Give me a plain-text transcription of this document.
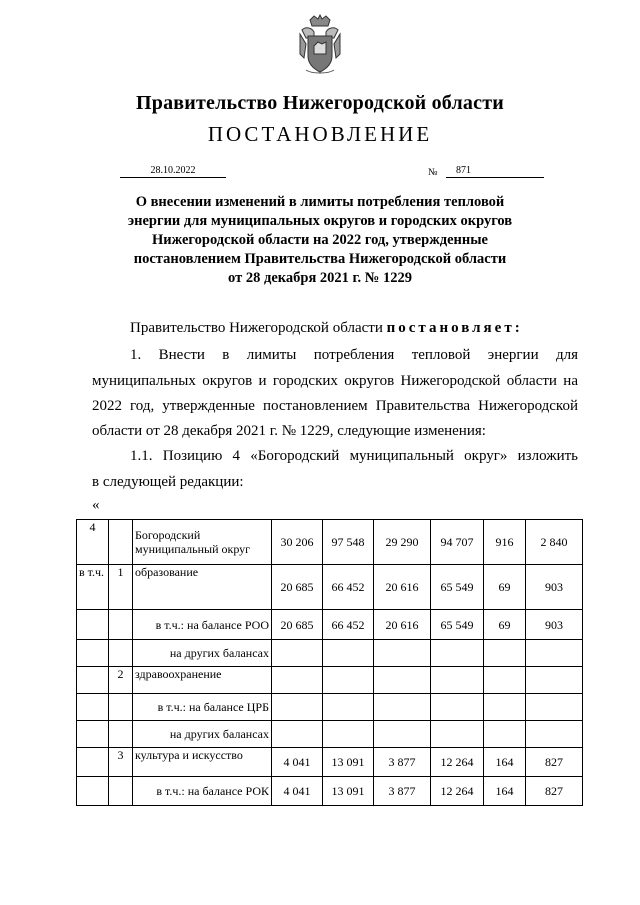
Правительство Нижегородской области
ПОСТАНОВЛЕНИЕ
28.10.2022	№	871
О внесении изменений в лимиты потребления тепловой
энергии для муниципальных округов и городских округов
Нижегородской области на 2022 год, утвержденные
постановлением Правительства Нижегородской области
от 28 декабря 2021 г. № 1229
Правительство Нижегородской области постановляет:
1. Внести в лимиты потребления тепловой энергии для
муниципальных округов и городских округов Нижегородской области на
2022 год, утвержденные постановлением Правительства Нижегородской
области от 28 декабря 2021 г. № 1229, следующие изменения:
1.1. Позицию 4 «Богородский муниципальный округ» изложить
в следующей редакции:
«
4		Богородский муниципальный округ	30 206	97 548	29 290	94 707	916	2 840
в т.ч.	1	образование	20 685	66 452	20 616	65 549	69	903
		в т.ч.: на балансе РОО	20 685	66 452	20 616	65 549	69	903
		на других балансах						
	2	здравоохранение						
		в т.ч.: на балансе ЦРБ						
		на других балансах						
	3	культура и искусство	4 041	13 091	3 877	12 264	164	827
		в т.ч.: на балансе РОК	4 041	13 091	3 877	12 264	164	827
